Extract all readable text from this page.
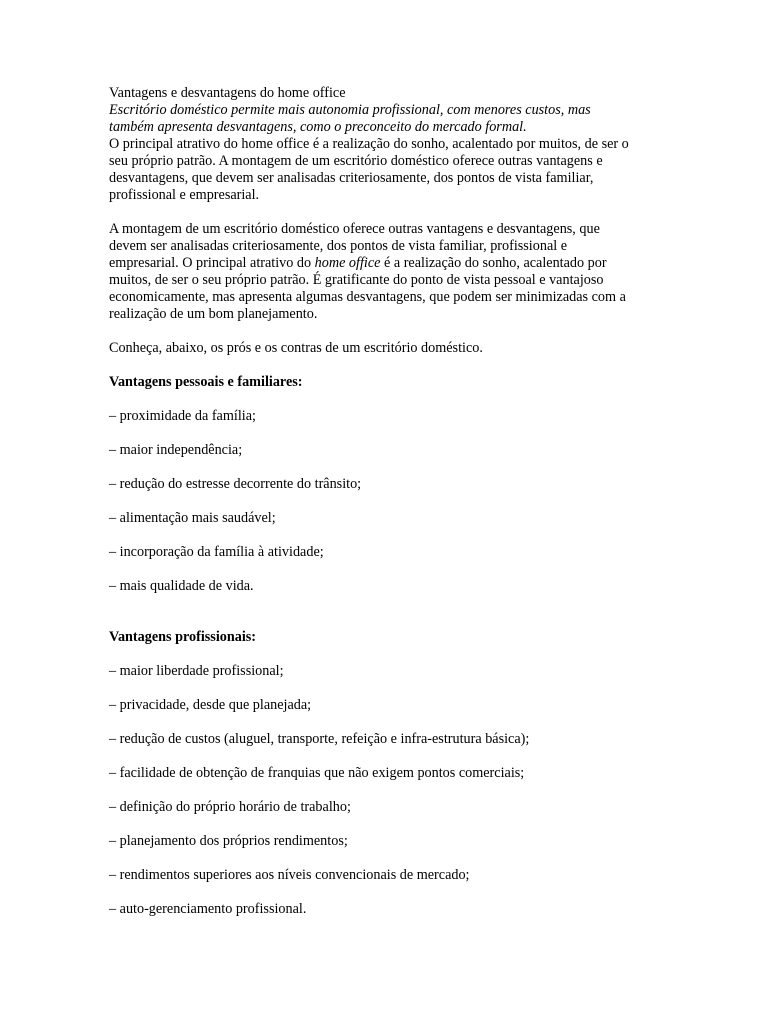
Vantagens e desvantagens do home office

Escritório doméstico permite mais autonomia profissional, com menores custos, mas também apresenta desvantagens, como o preconceito do mercado formal.

O principal atrativo do home office é a realização do sonho, acalentado por muitos, de ser o seu próprio patrão. A montagem de um escritório doméstico oferece outras vantagens e desvantagens, que devem ser analisadas criteriosamente, dos pontos de vista familiar, profissional e empresarial.

A montagem de um escritório doméstico oferece outras vantagens e desvantagens, que devem ser analisadas criteriosamente, dos pontos de vista familiar, profissional e empresarial. O principal atrativo do home office é a realização do sonho, acalentado por muitos, de ser o seu próprio patrão. É gratificante do ponto de vista pessoal e vantajoso economicamente, mas apresenta algumas desvantagens, que podem ser minimizadas com a realização de um bom planejamento.

Conheça, abaixo, os prós e os contras de um escritório doméstico.

Vantagens pessoais e familiares:

– proximidade da família;

– maior independência;

– redução do estresse decorrente do trânsito;

– alimentação mais saudável;

– incorporação da família à atividade;

– mais qualidade de vida.

Vantagens profissionais:

– maior liberdade profissional;

– privacidade, desde que planejada;

– redução de custos (aluguel, transporte, refeição e infra-estrutura básica);

– facilidade de obtenção de franquias que não exigem pontos comerciais;

– definição do próprio horário de trabalho;

– planejamento dos próprios rendimentos;

– rendimentos superiores aos níveis convencionais de mercado;

– auto-gerenciamento profissional.
